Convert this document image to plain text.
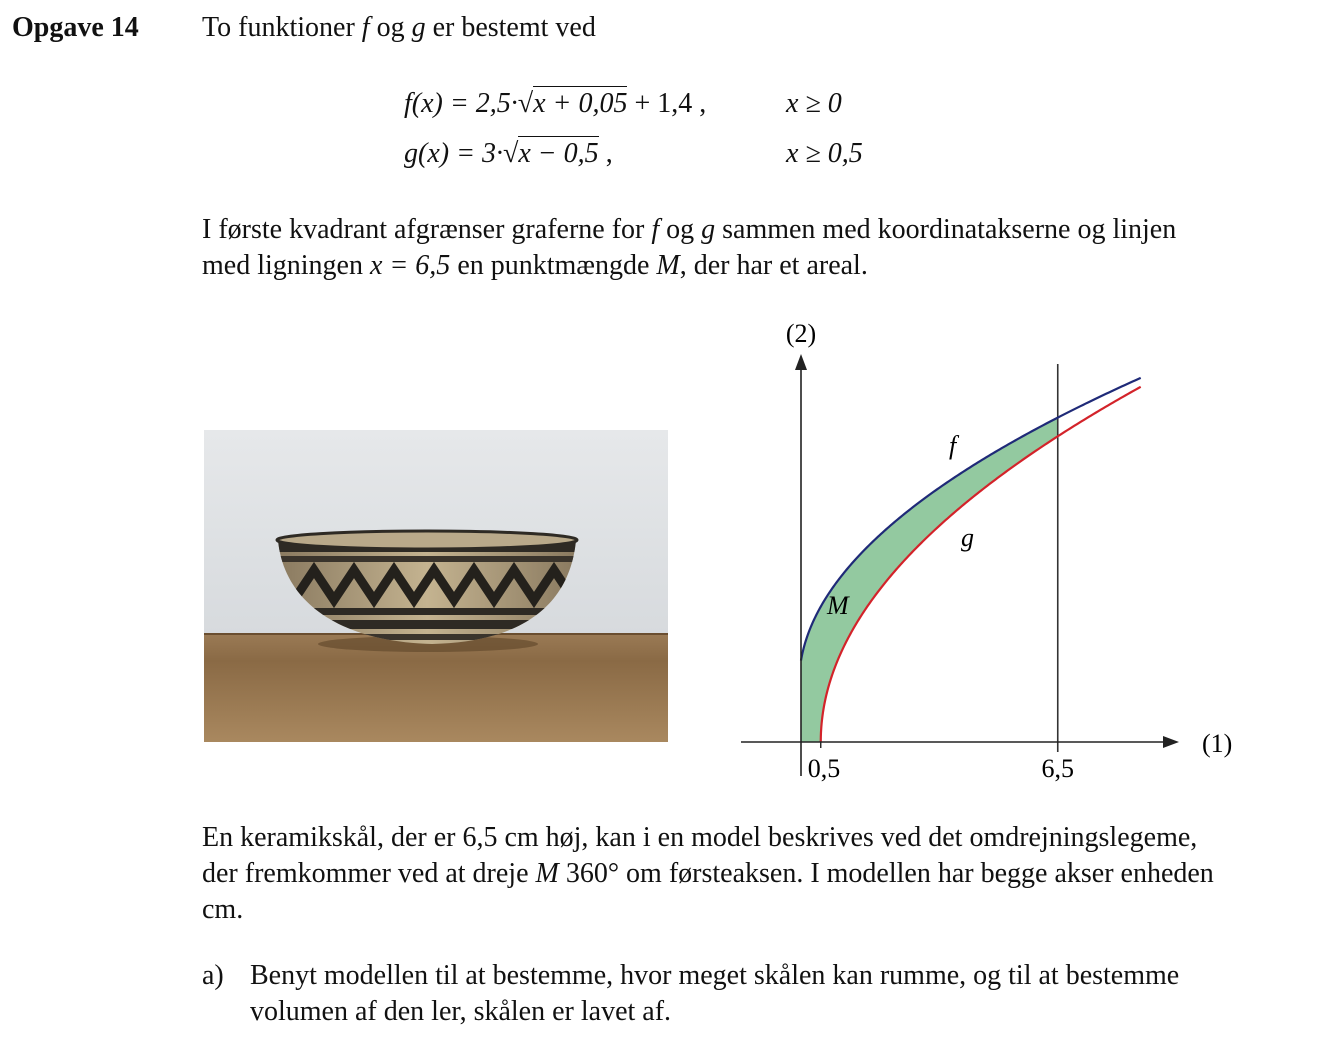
Opgave 14 To funktioner f og g er bestemt ved
f(x) = 2,5·√x + 0,05 + 1,4 ,	x ≥ 0
g(x) = 3·√x − 0,5 ,	x ≥ 0,5
I første kvadrant afgrænser graferne for f og g sammen med koordinatakserne og linjen
med ligningen x = 6,5 en punktmængde M, der har et areal.
(1)
(2)
0,5	6,5
f
g
M
En keramikskål, der er 6,5 cm høj, kan i en model beskrives ved det omdrejningslegeme,
der fremkommer ved at dreje M 360° om førsteaksen. I modellen har begge akser enheden
cm.
a) Benyt modellen til at bestemme, hvor meget skålen kan rumme, og til at bestemme
volumen af den ler, skålen er lavet af.
